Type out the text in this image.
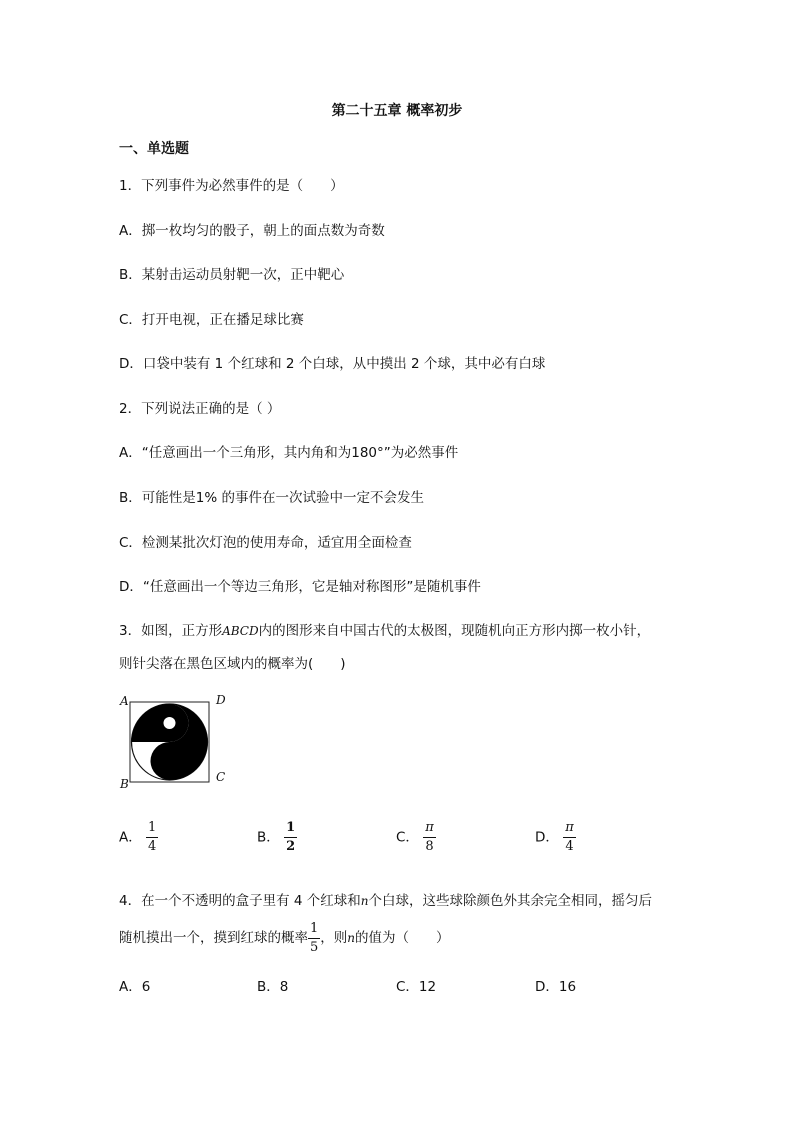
第二十五章 概率初步
一、单选题
1．下列事件为必然事件的是（　　）
A．掷一枚均匀的骰子，朝上的面点数为奇数
B．某射击运动员射靶一次，正中靶心
C．打开电视，正在播足球比赛
D．口袋中装有 1 个红球和 2 个白球，从中摸出 2 个球，其中必有白球
2．下列说法正确的是（ ）
A．“任意画出一个三角形，其内角和为180°”为必然事件
B．可能性是1% 的事件在一次试验中一定不会发生
C．检测某批次灯泡的使用寿命，适宜用全面检查
D．“任意画出一个等边三角形，它是轴对称图形”是随机事件
3．如图，正方形ABCD内的图形来自中国古代的太极图，现随机向正方形内掷一枚小针，
则针尖落在黑色区域内的概率为(　　)
A	D
B	C
A． $\frac{1}{4}$	B． $\frac{1}{2}$	C． $\frac{\pi}{8}$	D． $\frac{\pi}{4}$
4．在一个不透明的盒子里有 4 个红球和n个白球，这些球除颜色外其余完全相同，摇匀后
随机摸出一个，摸到红球的概率 $\frac{1}{5}$ ，则n的值为（　　）
A．6	B．8	C．12	D．16
